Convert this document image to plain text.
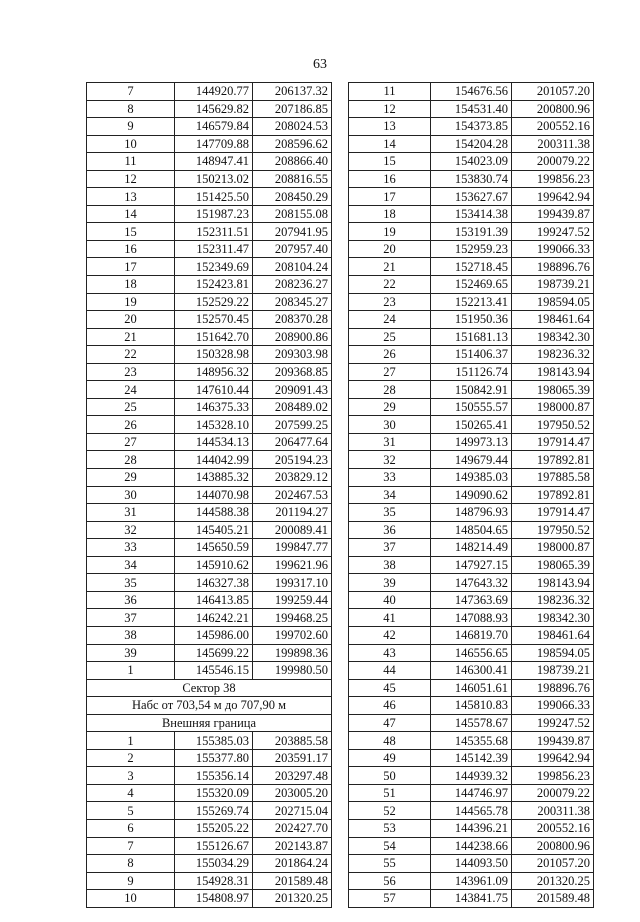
63
7	144920.77	206137.32
8	145629.82	207186.85
9	146579.84	208024.53
10	147709.88	208596.62
11	148947.41	208866.40
12	150213.02	208816.55
13	151425.50	208450.29
14	151987.23	208155.08
15	152311.51	207941.95
16	152311.47	207957.40
17	152349.69	208104.24
18	152423.81	208236.27
19	152529.22	208345.27
20	152570.45	208370.28
21	151642.70	208900.86
22	150328.98	209303.98
23	148956.32	209368.85
24	147610.44	209091.43
25	146375.33	208489.02
26	145328.10	207599.25
27	144534.13	206477.64
28	144042.99	205194.23
29	143885.32	203829.12
30	144070.98	202467.53
31	144588.38	201194.27
32	145405.21	200089.41
33	145650.59	199847.77
34	145910.62	199621.96
35	146327.38	199317.10
36	146413.85	199259.44
37	146242.21	199468.25
38	145986.00	199702.60
39	145699.22	199898.36
1	145546.15	199980.50
Сектор 38		
Набс от 703,54 м до 707,90 м		
Внешняя граница		
1	155385.03	203885.58
2	155377.80	203591.17
3	155356.14	203297.48
4	155320.09	203005.20
5	155269.74	202715.04
6	155205.22	202427.70
7	155126.67	202143.87
8	155034.29	201864.24
9	154928.31	201589.48
10	154808.97	201320.25
11	154676.56	201057.20
12	154531.40	200800.96
13	154373.85	200552.16
14	154204.28	200311.38
15	154023.09	200079.22
16	153830.74	199856.23
17	153627.67	199642.94
18	153414.38	199439.87
19	153191.39	199247.52
20	152959.23	199066.33
21	152718.45	198896.76
22	152469.65	198739.21
23	152213.41	198594.05
24	151950.36	198461.64
25	151681.13	198342.30
26	151406.37	198236.32
27	151126.74	198143.94
28	150842.91	198065.39
29	150555.57	198000.87
30	150265.41	197950.52
31	149973.13	197914.47
32	149679.44	197892.81
33	149385.03	197885.58
34	149090.62	197892.81
35	148796.93	197914.47
36	148504.65	197950.52
37	148214.49	198000.87
38	147927.15	198065.39
39	147643.32	198143.94
40	147363.69	198236.32
41	147088.93	198342.30
42	146819.70	198461.64
43	146556.65	198594.05
44	146300.41	198739.21
45	146051.61	198896.76
46	145810.83	199066.33
47	145578.67	199247.52
48	145355.68	199439.87
49	145142.39	199642.94
50	144939.32	199856.23
51	144746.97	200079.22
52	144565.78	200311.38
53	144396.21	200552.16
54	144238.66	200800.96
55	144093.50	201057.20
56	143961.09	201320.25
57	143841.75	201589.48
